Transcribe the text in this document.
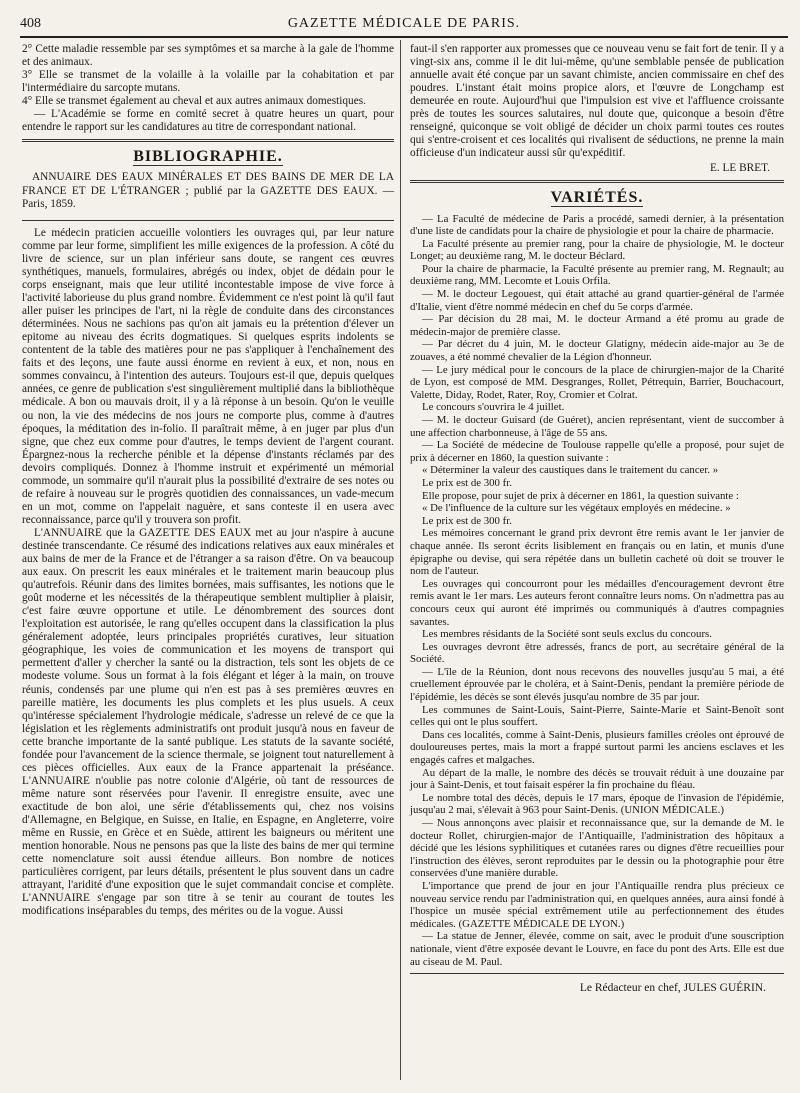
408	GAZETTE MÉDICALE DE PARIS.

2° Cette maladie ressemble par ses symptômes et sa marche à la gale de l'homme et des animaux.

3° Elle se transmet de la volaille à la volaille par la cohabitation et par l'intermédiaire du sarcopte mutans.

4° Elle se transmet également au cheval et aux autres animaux domestiques.

— L'Académie se forme en comité secret à quatre heures un quart, pour entendre le rapport sur les candidatures au titre de correspondant national.

BIBLIOGRAPHIE.

ANNUAIRE DES EAUX MINÉRALES ET DES BAINS DE MER DE LA FRANCE ET DE L'ÉTRANGER ; publié par la GAZETTE DES EAUX. — Paris, 1859.

Le médecin praticien accueille volontiers les ouvrages qui, par leur nature comme par leur forme, simplifient les mille exigences de la profession. A côté du livre de science, sur un plan inférieur sans doute, se rangent ces œuvres synthétiques, manuels, formulaires, abrégés ou index, objet de dédain pour le corps enseignant, mais que leur utilité incontestable impose de vive force à l'activité laborieuse du plus grand nombre. Évidemment ce n'est point là qu'il faut aller puiser les principes de l'art, ni la règle de conduite dans des circonstances déterminées. Nous ne sachions pas qu'on ait jamais eu la prétention d'élever un epitome au niveau des écrits dogmatiques. Si quelques esprits indolents se contentent de la table des matières pour ne pas s'appliquer à l'enchaînement des faits et des leçons, une faute aussi énorme en revient à eux, et non, nous en sommes convaincu, à l'intention des auteurs. Toujours est-il que, depuis quelques années, ce genre de publication s'est singulièrement multiplié dans la bibliothèque médicale. A bon ou mauvais droit, il y a là réponse à un besoin. Qu'on le veuille ou non, la vie des médecins de nos jours ne comporte plus, comme à d'autres époques, la méditation des in-folio. Il paraîtrait même, à en juger par plus d'un signe, que chez eux comme pour d'autres, le temps devient de l'argent courant. Épargnez-nous la recherche pénible et la dépense d'instants réclamés par des devoirs compliqués. Donnez à l'homme instruit et expérimenté un mémorial commode, un sommaire qu'il n'aurait plus la possibilité d'extraire de ses notes ou de refaire à nouveau sur le progrès quotidien des connaissances, un vade-mecum en un mot, comme on l'appelait naguère, et sans conteste il en usera avec reconnaissance, parce qu'il y trouvera son profit.

L'ANNUAIRE que la GAZETTE DES EAUX met au jour n'aspire à aucune destinée transcendante. Ce résumé des indications relatives aux eaux minérales et aux bains de mer de la France et de l'étranger a sa raison d'être. On va beaucoup aux eaux. On prescrit les eaux minérales et le traitement marin beaucoup plus qu'autrefois. Réunir dans des limites bornées, mais suffisantes, les notions que le goût moderne et les nécessités de la thérapeutique semblent multiplier à plaisir, c'est faire œuvre opportune et utile. Le dénombrement des sources dont l'exploitation est autorisée, le rang qu'elles occupent dans la classification la plus généralement adoptée, leurs principales propriétés curatives, leur situation géographique, les voies de communication et les moyens de transport qui permettent d'aller y chercher la santé ou la distraction, tels sont les objets de ce modeste volume. Sous un format à la fois élégant et léger à la main, on trouve réunis, condensés par une plume qui n'en est pas à ses premières œuvres en pareille matière, les documents les plus complets et les plus usuels. A ceux qu'intéresse spécialement l'hydrologie médicale, s'adresse un relevé de ce que la législation et les règlements administratifs ont produit jusqu'à nous en faveur de cette branche importante de la santé publique. Les statuts de la savante société, fondée pour l'avancement de la science thermale, se joignent tout naturellement à ces pièces officielles. Aux eaux de la France appartenait la préséance. L'ANNUAIRE n'oublie pas notre colonie d'Algérie, où tant de ressources de même nature sont réservées pour l'avenir. Il enregistre ensuite, avec une exactitude de bon aloi, une série d'établissements qui, chez nos voisins d'Allemagne, en Belgique, en Suisse, en Italie, en Espagne, en Angleterre, voire même en Russie, en Grèce et en Suède, attirent les baigneurs ou méritent une mention honorable. Nous ne pensons pas que la liste des bains de mer qui termine cette nomenclature soit aussi étendue ailleurs. Bon nombre de notices particulières corrigent, par leurs détails, présentent le plus souvent dans un cadre attrayant, l'aridité d'une exposition que le sujet commandait concise et complète. L'ANNUAIRE s'engage par son titre à se tenir au courant de toutes les modifications inséparables du temps, des mérites ou de la vogue. Aussi

faut-il s'en rapporter aux promesses que ce nouveau venu se fait fort de tenir. Il y a vingt-six ans, comme il le dit lui-même, qu'une semblable pensée de publication annuelle avait été conçue par un savant chimiste, ancien commissaire en chef des poudres. L'instant était moins propice alors, et l'œuvre de Longchamp est demeurée en route. Aujourd'hui que l'impulsion est vive et l'affluence croissante près de toutes les sources salutaires, nul doute que, quiconque a besoin d'être renseigné, quiconque se voit obligé de décider un choix parmi toutes ces routes qui s'entre-croisent et ces localités qui rivalisent de séductions, ne prenne la main officieuse d'un indicateur aussi sûr qu'expéditif.

E. LE BRET.
VARIÉTÉS.

— La Faculté de médecine de Paris a procédé, samedi dernier, à la présentation d'une liste de candidats pour la chaire de physiologie et pour la chaire de pharmacie.

La Faculté présente au premier rang, pour la chaire de physiologie, M. le docteur Longet; au deuxième rang, M. le docteur Béclard.

Pour la chaire de pharmacie, la Faculté présente au premier rang, M. Regnault; au deuxième rang, MM. Lecomte et Louis Orfila.

— M. le docteur Legouest, qui était attaché au grand quartier-général de l'armée d'Italie, vient d'être nommé médecin en chef du 5e corps d'armée.

— Par décision du 28 mai, M. le docteur Armand a été promu au grade de médecin-major de première classe.

— Par décret du 4 juin, M. le docteur Glatigny, médecin aide-major au 3e de zouaves, a été nommé chevalier de la Légion d'honneur.

— Le jury médical pour le concours de la place de chirurgien-major de la Charité de Lyon, est composé de MM. Desgranges, Rollet, Pétrequin, Barrier, Bouchacourt, Valette, Diday, Rodet, Rater, Roy, Cromier et Colrat.

Le concours s'ouvrira le 4 juillet.

— M. le docteur Guisard (de Guéret), ancien représentant, vient de succomber à une affection charbonneuse, à l'âge de 55 ans.

— La Société de médecine de Toulouse rappelle qu'elle a proposé, pour sujet de prix à décerner en 1860, la question suivante :

« Déterminer la valeur des caustiques dans le traitement du cancer. »

Le prix est de 300 fr.

Elle propose, pour sujet de prix à décerner en 1861, la question suivante :

« De l'influence de la culture sur les végétaux employés en médecine. »

Le prix est de 300 fr.

Les mémoires concernant le grand prix devront être remis avant le 1er janvier de chaque année. Ils seront écrits lisiblement en français ou en latin, et munis d'une épigraphe ou devise, qui sera répétée dans un bulletin cacheté où doit se trouver le nom de l'auteur.

Les ouvrages qui concourront pour les médailles d'encouragement devront être remis avant le 1er mars. Les auteurs feront connaître leurs noms. On n'admettra pas au concours ceux qui auront été imprimés ou communiqués à d'autres compagnies savantes.

Les membres résidants de la Société sont seuls exclus du concours.

Les ouvrages devront être adressés, francs de port, au secrétaire général de la Société.

— L'île de la Réunion, dont nous recevons des nouvelles jusqu'au 5 mai, a été cruellement éprouvée par le choléra, et à Saint-Denis, pendant la première période de l'épidémie, les décès se sont élevés jusqu'au nombre de 35 par jour.

Les communes de Saint-Louis, Saint-Pierre, Sainte-Marie et Saint-Benoît sont celles qui ont le plus souffert.

Dans ces localités, comme à Saint-Denis, plusieurs familles créoles ont éprouvé de douloureuses pertes, mais la mort a frappé surtout parmi les anciens esclaves et les engagés cafres et malgaches.

Au départ de la malle, le nombre des décès se trouvait réduit à une douzaine par jour à Saint-Denis, et tout faisait espérer la fin prochaine du fléau.

Le nombre total des décès, depuis le 17 mars, époque de l'invasion de l'épidémie, jusqu'au 2 mai, s'élevait à 963 pour Saint-Denis. (UNION MÉDICALE.)

— Nous annonçons avec plaisir et reconnaissance que, sur la demande de M. le docteur Rollet, chirurgien-major de l'Antiquaille, l'administration des hôpitaux a décidé que les lésions syphilitiques et cutanées rares ou dignes d'être recueillies pour l'instruction des élèves, seront reproduites par le dessin ou la photographie pour être conservées d'une manière durable.

L'importance que prend de jour en jour l'Antiquaille rendra plus précieux ce nouveau service rendu par l'administration qui, en quelques années, aura ainsi fondé à l'hospice un musée spécial extrêmement utile au perfectionnement des études médicales. (GAZETTE MÉDICALE DE LYON.)

— La statue de Jenner, élevée, comme on sait, avec le produit d'une souscription nationale, vient d'être exposée devant le Louvre, en face du pont des Arts. Elle est due au ciseau de M. Paul.

Le Rédacteur en chef, JULES GUÉRIN.
